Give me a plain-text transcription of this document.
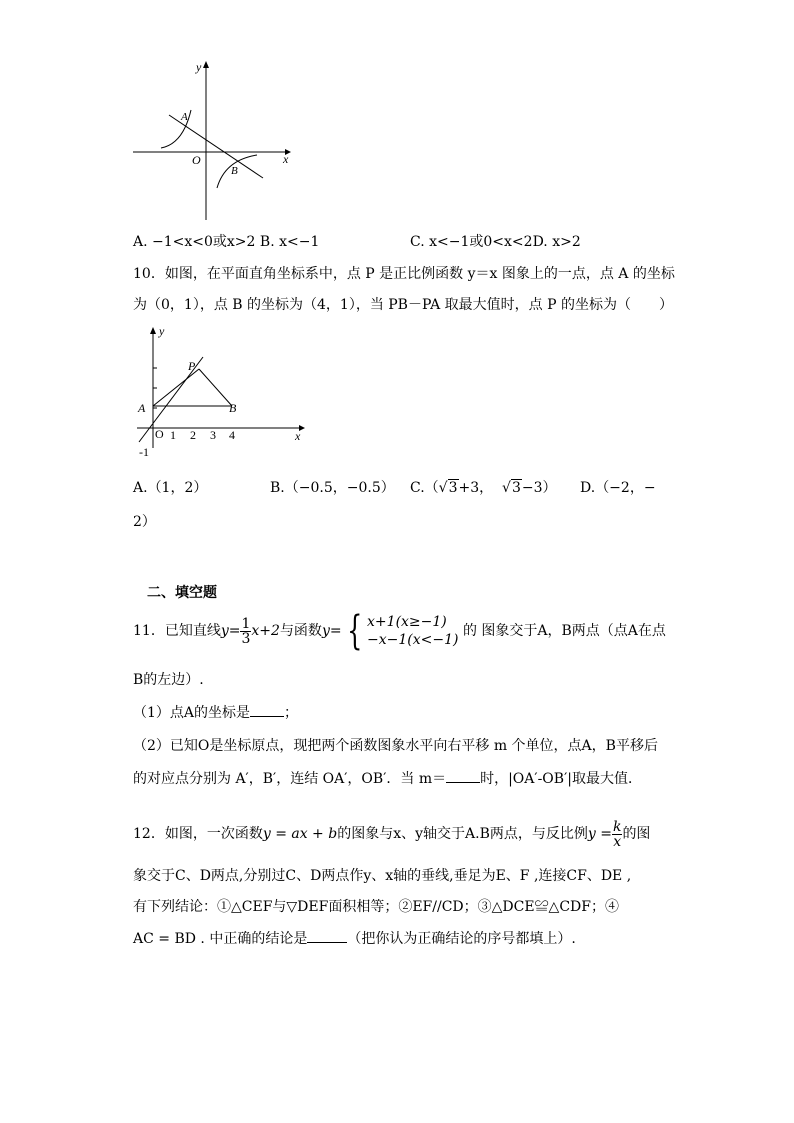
y
x
O
A
B
A. −1<x<0或x>2 B. x<−1	C. x<−1或0<x<2D. x>2
10．如图，在平面直角坐标系中，点 P 是正比例函数 y＝x 图象上的一点，点 A 的坐标
为（0，1），点 B 的坐标为（4，1），当 PB－PA 取最大值时，点 P 的坐标为（　　）
y
x
O
P
A	B
1 2 3 4
-1
A.（1，2）	B.（−0.5，−0.5） C.（√3+3，  √3−3） D.（−2，−
2）
二、填空题
11．已知直线 $y= \frac{1}{3} x+2$ 与函数 y= { x+1(x≥−1)
−x−1(x<−1)

的 图象交于A，B两点（点A在点
B的左边）.
（1）点A的坐标是 ；
（2）已知O是坐标原点，现把两个函数图象水平向右平移 m 个单位，点A，B平移后
的对应点分别为 A′，B′，连结 OA′，OB′．当 m＝ 时，|OA′-OB′|取最大值．
12．如图，一次函数 y = ax + b 的图象与x、y轴交于A.B两点，与反比例 $y = \frac{k}{x}$ 的图
象交于C、D两点,分别过C、D两点作y、x轴的垂线,垂足为E、F ,连接CF、DE ,
有下列结论：①△CEF与▽DEF面积相等；②EF//CD；③△DCE≌△CDF；④
AC = BD . 中正确的结论是	（把你认为正确结论的序号都填上）.
